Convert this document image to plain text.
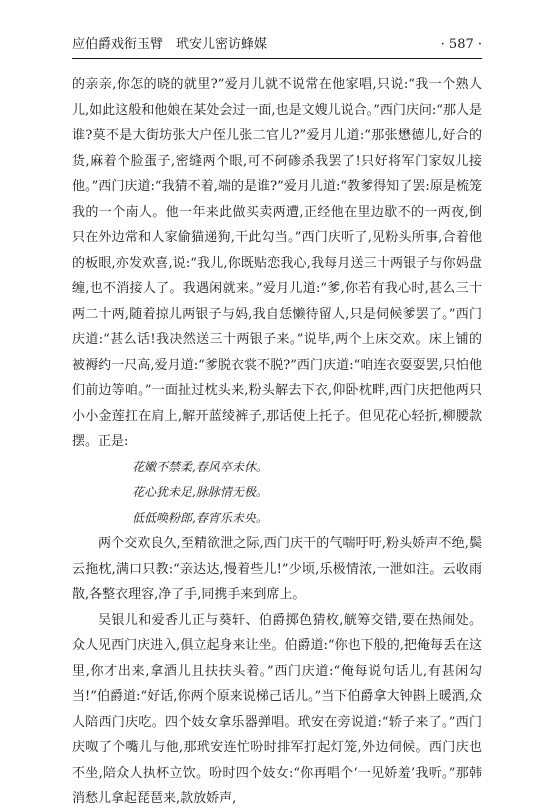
应伯爵戏衔玉臂　玳安儿密访蜂媒	· 587 ·

的亲亲,你怎的晓的就里?”爱月儿就不说常在他家唱,只说:“我一个熟人儿,如此这般和他娘在某处会过一面,也是文嫂儿说合。”西门庆问:“那人是谁?莫不是大街坊张大户侄儿张二官儿?”爱月儿道:“那张懋德儿,好合的货,麻着个脸蛋子,密缝两个眼,可不砢碜杀我罢了!只好将军门家奴儿接他。”西门庆道:“我猜不着,端的是谁?”爱月儿道:“教爹得知了罢:原是梳笼我的一个南人。他一年来此做买卖两遭,正经他在里边歇不的一两夜,倒只在外边常和人家偷猫递狗,干此勾当。”西门庆听了,见粉头所事,合着他的板眼,亦发欢喜,说:“我儿,你既贴恋我心,我每月送三十两银子与你妈盘缠,也不消接人了。我遇闲就来。”爱月儿道:“爹,你若有我心时,甚么三十两二十两,随着掠儿两银子与妈,我自恁懒待留人,只是伺候爹罢了。”西门庆道:“甚么话!我决然送三十两银子来。”说毕,两个上床交欢。床上铺的被褥约一尺高,爱月道:“爹脱衣裳不脱?”西门庆道:“咱连衣耍耍罢,只怕他们前边等咱。”一面扯过枕头来,粉头解去下衣,仰卧枕畔,西门庆把他两只小小金莲扛在肩上,解开蓝绫裤子,那话使上托子。但见花心轻折,柳腰款摆。正是:

花嫩不禁柔,春风卒未休。
花心犹未足,脉脉情无极。
低低唤粉郎,春宵乐未央。

两个交欢良久,至精欲泄之际,西门庆干的气喘吁吁,粉头娇声不绝,鬓云拖枕,满口只教:“亲达达,慢着些儿!”少顷,乐极情浓,一泄如注。云收雨散,各整衣理容,净了手,同携手来到席上。

吴银儿和爱香儿正与葵轩、伯爵掷色猜枚,觥筹交错,要在热闹处。众人见西门庆进入,俱立起身来让坐。伯爵道:“你也下般的,把俺每丢在这里,你才出来,拿酒儿且扶扶头着。”西门庆道:“俺每说句话儿,有甚闲勾当!”伯爵道:“好话,你两个原来说梯己话儿。”当下伯爵拿大钟斟上暖酒,众人陪西门庆吃。四个妓女拿乐器弹唱。玳安在旁说道:“轿子来了。”西门庆呶了个嘴儿与他,那玳安连忙吩时排军打起灯笼,外边伺候。西门庆也不坐,陪众人执杯立饮。吩时四个妓女:“你再唱个‘一见娇羞’我听。”那韩消愁儿拿起琵琶来,款放娇声,
